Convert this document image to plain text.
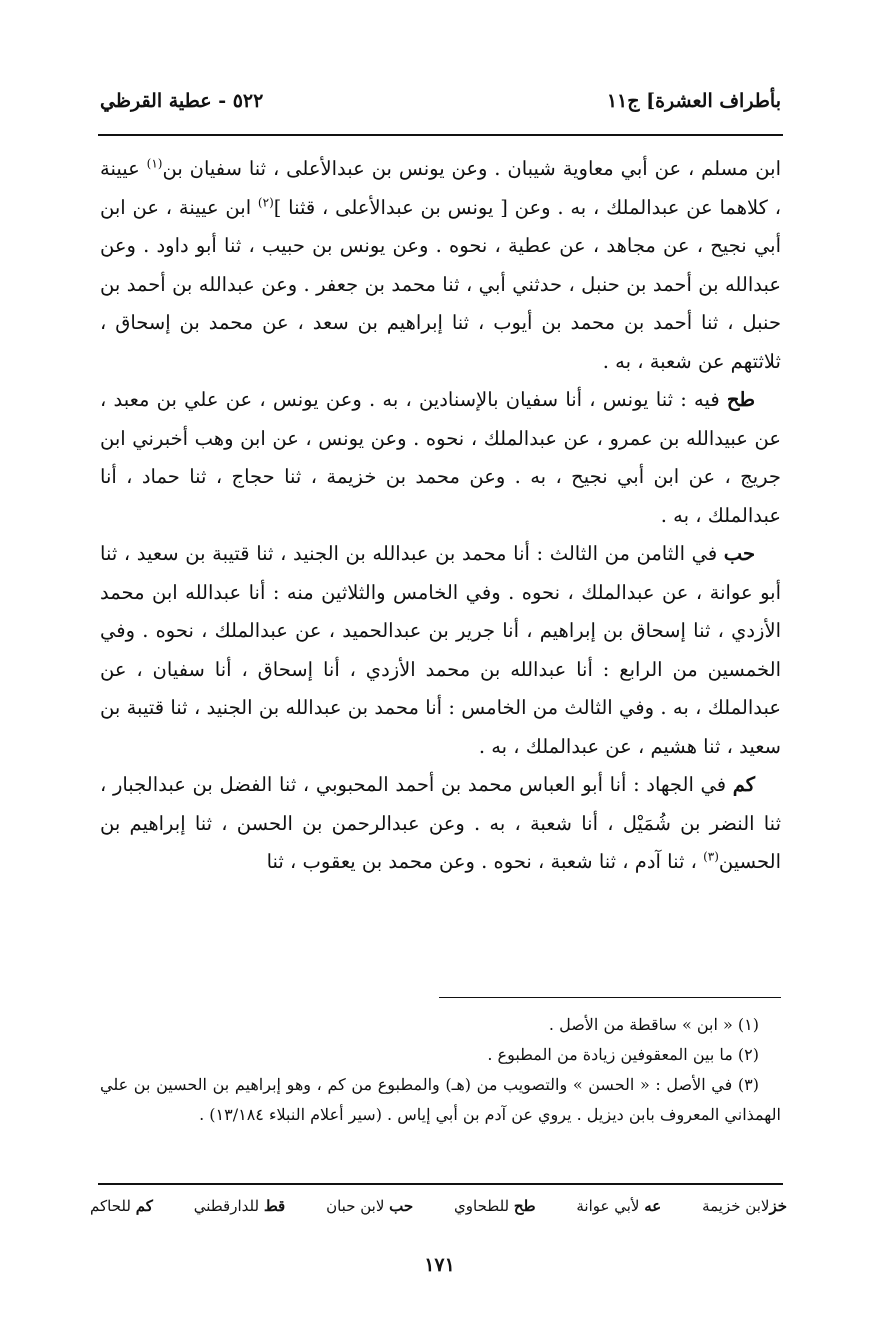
بأطراف العشرة] ج١١
٥٢٢ - عطية القرظي

ابن مسلم ، عن أبي معاوية شيبان . وعن يونس بن عبدالأعلى ، ثنا سفيان بن$^{(١)}$ عيينة ، كلاهما عن عبدالملك ، به . وعن [ يونس بن عبدالأعلى ، قثنا ]$^{(٢)}$ ابن عيينة ، عن ابن أبي نجيح ، عن مجاهد ، عن عطية ، نحوه . وعن يونس بن حبيب ، ثنا أبو داود . وعن عبدالله بن أحمد بن حنبل ، حدثني أبي ، ثنا محمد بن جعفر . وعن عبدالله بن أحمد بن حنبل ، ثنا أحمد بن محمد بن أيوب ، ثنا إبراهيم بن سعد ، عن محمد بن إسحاق ، ثلاثتهم عن شعبة ، به .

طح فيه : ثنا يونس ، أنا سفيان بالإسنادين ، به . وعن يونس ، عن علي بن معبد ، عن عبيدالله بن عمرو ، عن عبدالملك ، نحوه . وعن يونس ، عن ابن وهب أخبرني ابن جريج ، عن ابن أبي نجيح ، به . وعن محمد بن خزيمة ، ثنا حجاج ، ثنا حماد ، أنا عبدالملك ، به .

حب في الثامن من الثالث : أنا محمد بن عبدالله بن الجنيد ، ثنا قتيبة بن سعيد ، ثنا أبو عوانة ، عن عبدالملك ، نحوه . وفي الخامس والثلاثين منه : أنا عبدالله ابن محمد الأزدي ، ثنا إسحاق بن إبراهيم ، أنا جرير بن عبدالحميد ، عن عبدالملك ، نحوه . وفي الخمسين من الرابع : أنا عبدالله بن محمد الأزدي ، أنا إسحاق ، أنا سفيان ، عن عبدالملك ، به . وفي الثالث من الخامس : أنا محمد بن عبدالله بن الجنيد ، ثنا قتيبة بن سعيد ، ثنا هشيم ، عن عبدالملك ، به .

كم في الجهاد : أنا أبو العباس محمد بن أحمد المحبوبي ، ثنا الفضل بن عبدالجبار ، ثنا النضر بن شُمَيْل ، أنا شعبة ، به . وعن عبدالرحمن بن الحسن ، ثنا إبراهيم بن الحسين$^{(٣)}$ ، ثنا آدم ، ثنا شعبة ، نحوه . وعن محمد بن يعقوب ، ثنا

(١) « ابن » ساقطة من الأصل .

(٢) ما بين المعقوفين زيادة من المطبوع .

(٣) في الأصل : « الحسن » والتصويب من (هـ) والمطبوع من كم ، وهو إبراهيم بن الحسين بن علي الهمذاني المعروف بابن ديزيل . يروي عن آدم بن أبي إياس . (سير أعلام النبلاء ١٣/١٨٤) .

خزلابن خزيمة
عه لأبي عوانة
طح للطحاوي
حب لابن حبان
قط للدارقطني
كم للحاكم
١٧١
